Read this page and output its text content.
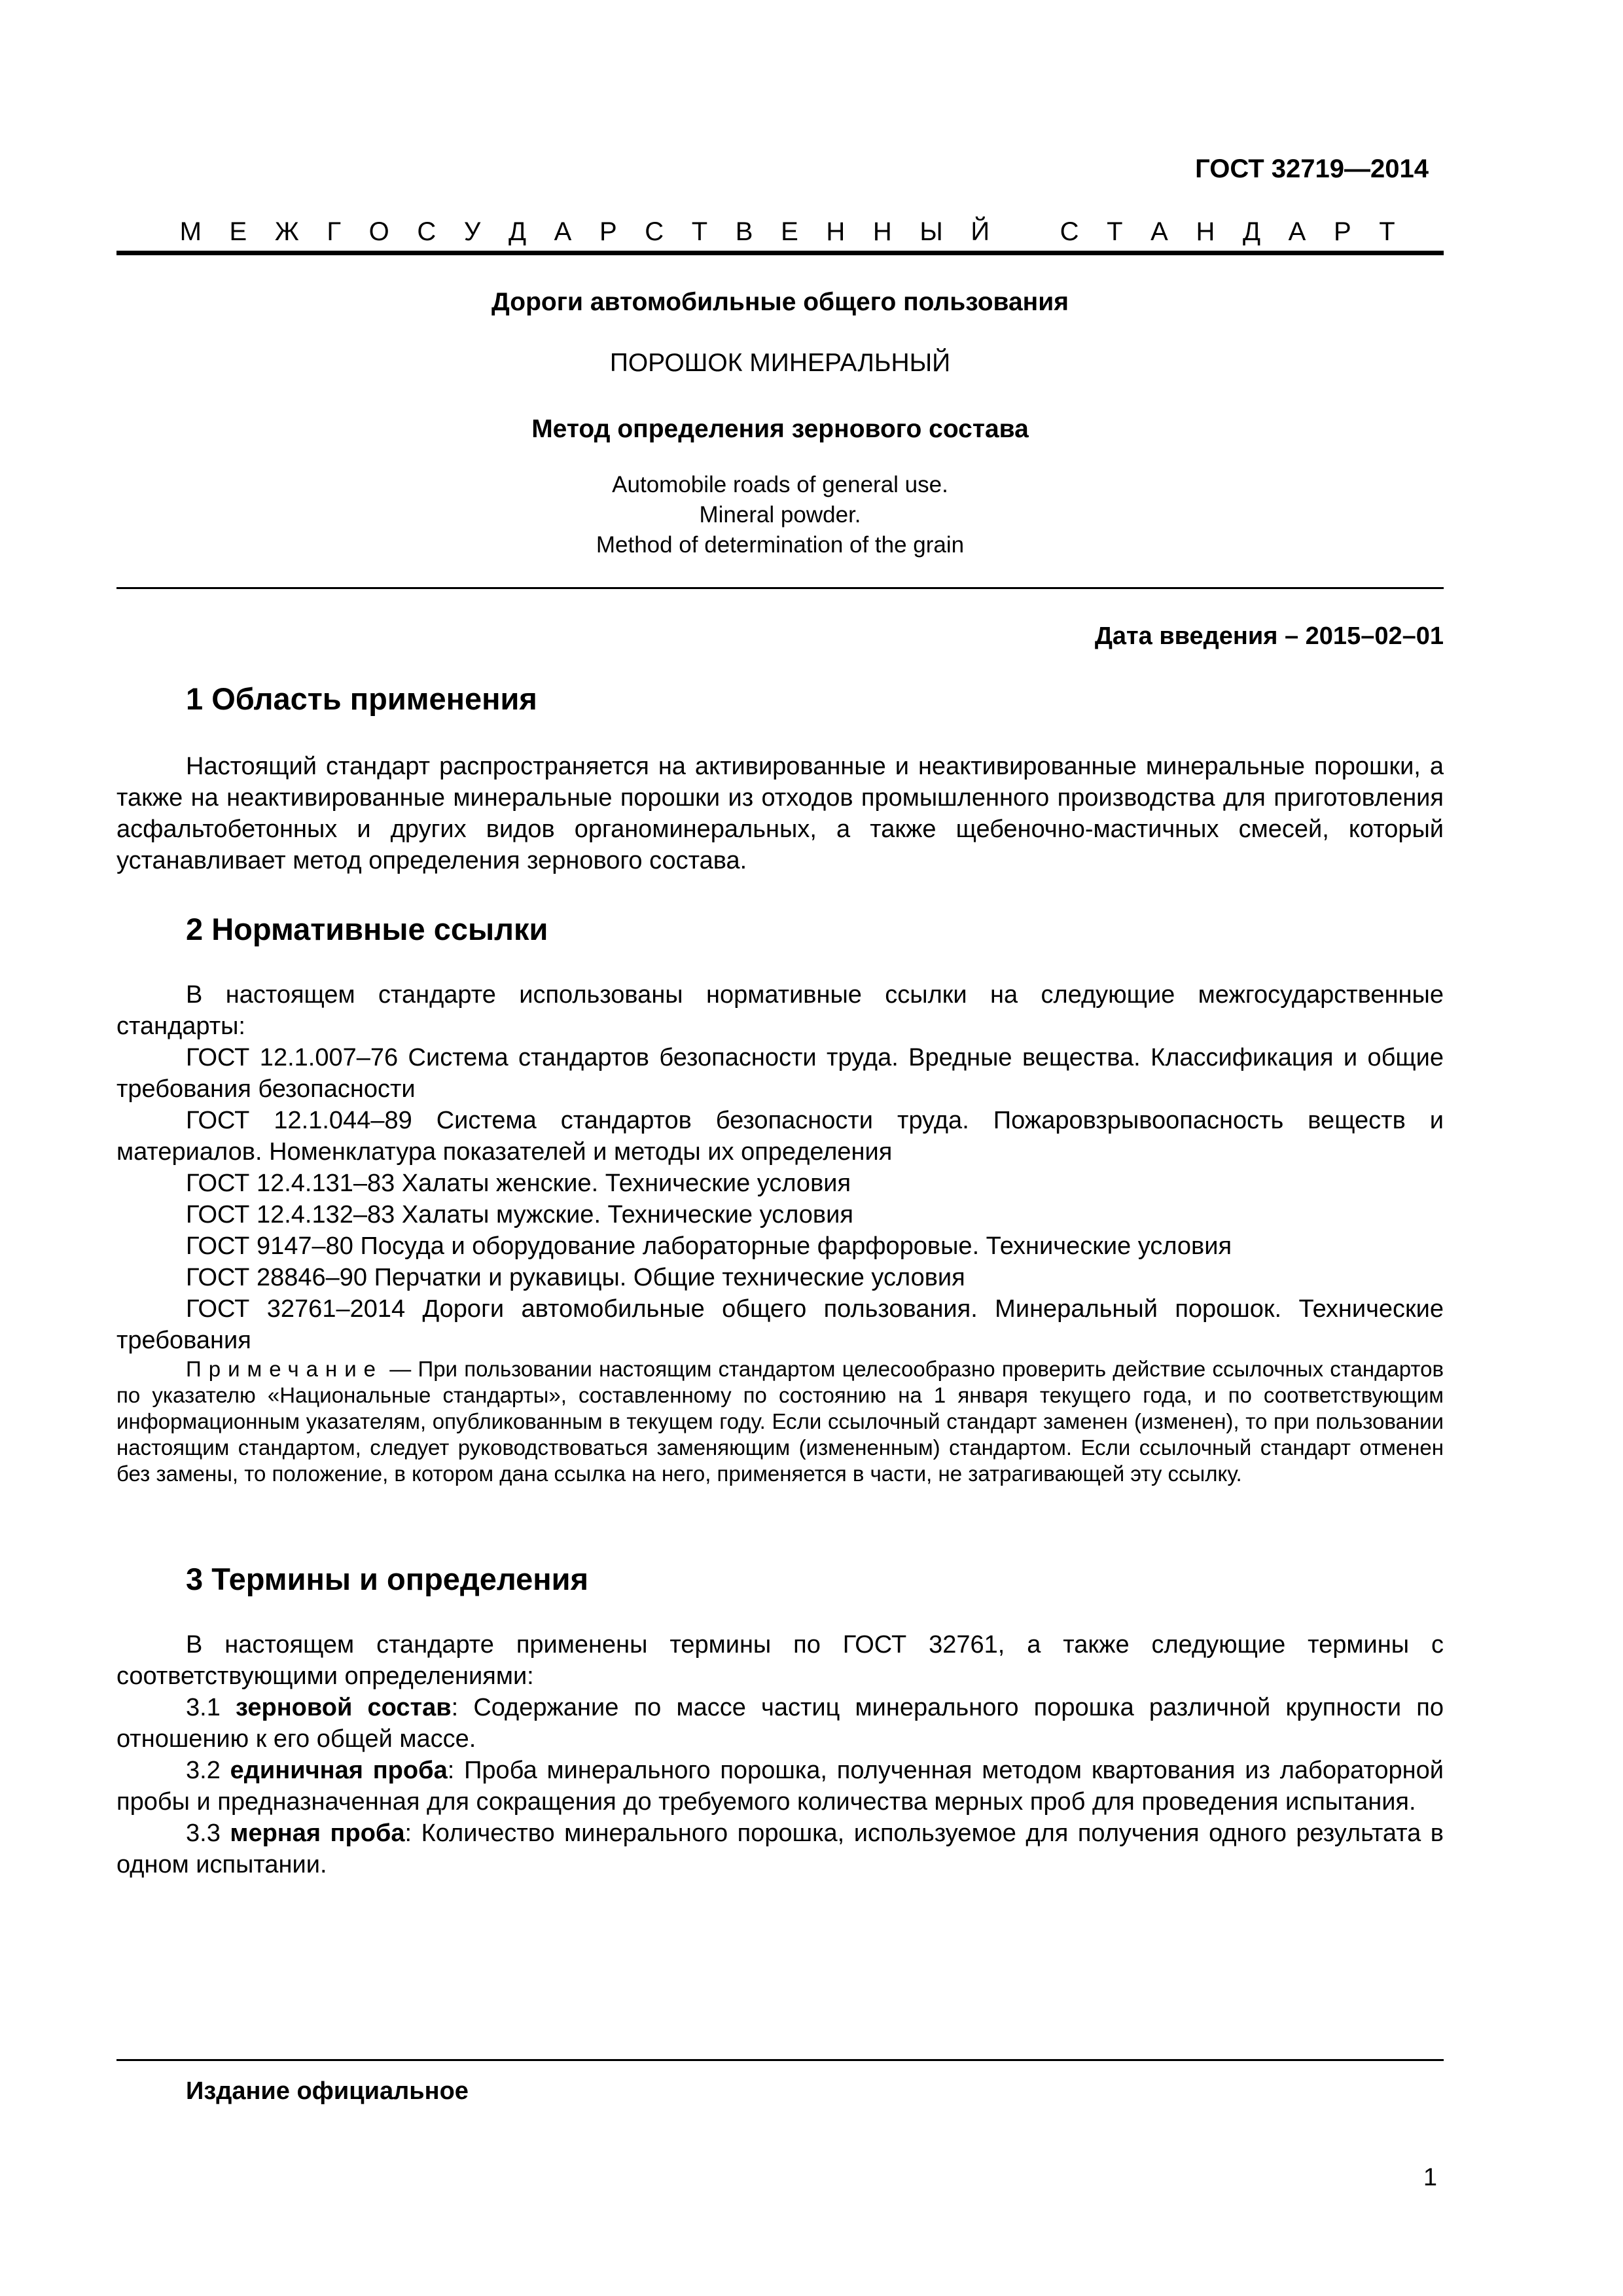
ГОСТ 32719—2014
М Е Ж Г О С У Д А Р С Т В Е Н Н Ы Й
	С Т А Н Д А Р Т
Дороги автомобильные общего пользования
ПОРОШОК МИНЕРАЛЬНЫЙ
Метод определения зернового состава
Automobile roads of general use.
Mineral powder.
Method of determination of the grain
Дата введения – 2015–02–01
1 Область применения

Настоящий стандарт распространяется на активированные и неактивированные минеральные порошки, а также на неактивированные минеральные порошки из отходов промышленного производства для приготовления асфальтобетонных и других видов органоминеральных, а также щебеночно-мастичных смесей, который устанавливает метод определения зернового состава.

2 Нормативные ссылки

В настоящем стандарте использованы нормативные ссылки на следующие межгосударственные стандарты:

ГОСТ 12.1.007–76 Система стандартов безопасности труда. Вредные вещества. Классификация и общие требования безопасности

ГОСТ 12.1.044–89 Система стандартов безопасности труда. Пожаровзрывоопасность веществ и материалов. Номенклатура показателей и методы их определения

ГОСТ 12.4.131–83 Халаты женские. Технические условия

ГОСТ 12.4.132–83 Халаты мужские. Технические условия

ГОСТ 9147–80 Посуда и оборудование лабораторные фарфоровые. Технические условия

ГОСТ 28846–90 Перчатки и рукавицы. Общие технические условия

ГОСТ 32761–2014 Дороги автомобильные общего пользования. Минеральный порошок. Технические требования

Примечание — При пользовании настоящим стандартом целесообразно проверить действие ссылочных стандартов по указателю «Национальные стандарты», составленному по состоянию на 1 января текущего года, и по соответствующим информационным указателям, опубликованным в текущем году. Если ссылочный стандарт заменен (изменен), то при пользовании настоящим стандартом, следует руководствоваться заменяющим (измененным) стандартом. Если ссылочный стандарт отменен без замены, то положение, в котором дана ссылка на него, применяется в части, не затрагивающей эту ссылку.

3 Термины и определения

В настоящем стандарте применены термины по ГОСТ 32761, а также следующие термины с соответствующими определениями:

3.1 зерновой состав: Содержание по массе частиц минерального порошка различной крупности по отношению к его общей массе.

3.2 единичная проба: Проба минерального порошка, полученная методом квартования из лабораторной пробы и предназначенная для сокращения до требуемого количества мерных проб для проведения испытания.

3.3 мерная проба: Количество минерального порошка, используемое для получения одного результата в одном испытании.

Издание официальное
1
